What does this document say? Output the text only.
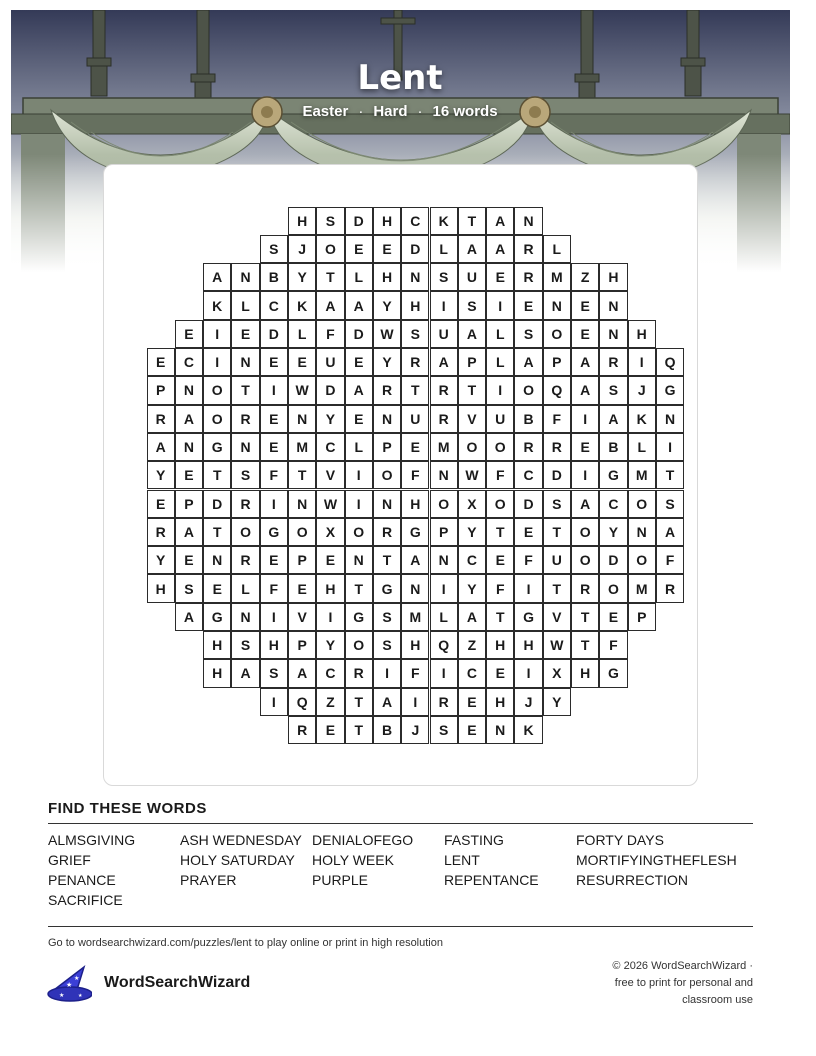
Lent
Easter · Hard · 16 words
H	S	D	H	C	K	T	A	N
S	J	O	E	E	D	L	A	A	R	L
A	N	B	Y	T	L	H	N	S	U	E	R	M	Z	H
K	L	C	K	A	A	Y	H	I	S	I	E	N	E	N
E	I	E	D	L	F	D	W	S	U	A	L	S	O	E	N	H
E	C	I	N	E	E	U	E	Y	R	A	P	L	A	P	A	R	I	Q
P	N	O	T	I	W	D	A	R	T	R	T	I	O	Q	A	S	J	G
R	A	O	R	E	N	Y	E	N	U	R	V	U	B	F	I	A	K	N
A	N	G	N	E	M	C	L	P	E	M	O	O	R	R	E	B	L	I
Y	E	T	S	F	T	V	I	O	F	N	W	F	C	D	I	G	M	T
E	P	D	R	I	N	W	I	N	H	O	X	O	D	S	A	C	O	S
R	A	T	O	G	O	X	O	R	G	P	Y	T	E	T	O	Y	N	A
Y	E	N	R	E	P	E	N	T	A	N	C	E	F	U	O	D	O	F
H	S	E	L	F	E	H	T	G	N	I	Y	F	I	T	R	O	M	R
A	G	N	I	V	I	G	S	M	L	A	T	G	V	T	E	P
H	S	H	P	Y	O	S	H	Q	Z	H	H	W	T	F
H	A	S	A	C	R	I	F	I	C	E	I	X	H	G
I	Q	Z	T	A	I	R	E	H	J	Y
R	E	T	B	J	S	E	N	K
FIND THESE WORDS
ALMSGIVING	ASH WEDNESDAY DENIALOFEGO	FASTING	FORTY DAYS
GRIEF	HOLY SATURDAY	HOLY WEEK	LENT	MORTIFYINGTHEFLESH
PENANCE	PRAYER	PURPLE	REPENTANCE	RESURRECTION
SACRIFICE
Go to wordsearchwizard.com/puzzles/lent to play online or print in high resolution
★
★
★	★
WordSearchWizard
© 2026 WordSearchWizard ·
free to print for personal and
classroom use
